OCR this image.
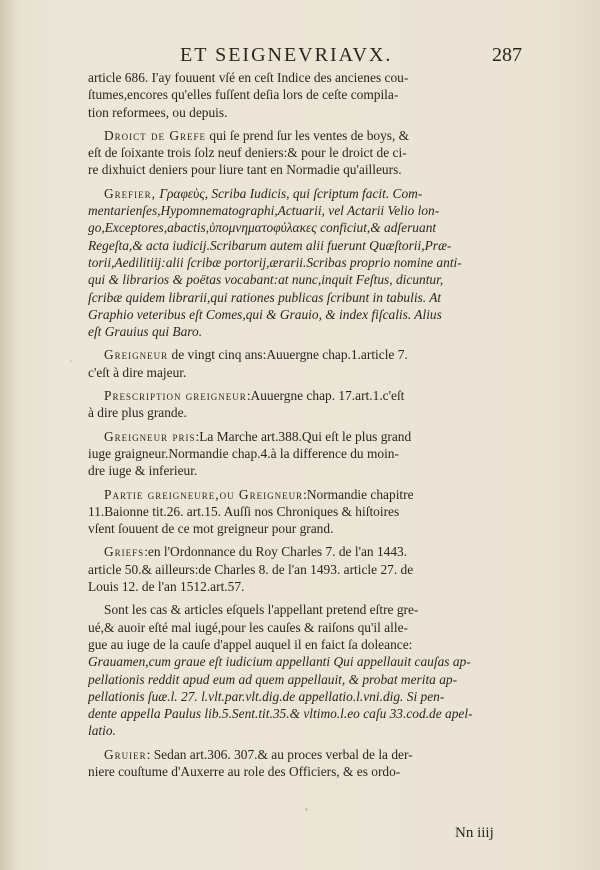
ET SEIGNEVRIAVX.	287
article 686. I'ay fouuent vſé en ceſt Indice des ancienes cou-
ſtumes,encores qu'elles fuſſent deſia lors de ceſte compila-
tion reformees, ou depuis.
Droict de Grefe qui ſe prend ſur les ventes de boys, &
eſt de ſoixante trois ſolz neuf deniers:& pour le droict de ci-
re dixhuict deniers pour liure tant en Normadie qu'ailleurs.
Grefier, Γραφεὺς, Scriba Iudicis, qui ſcriptum facit. Com-
mentarienſes,Hypomnematographi,Actuarii, vel Actarii Velio lon-
go,Exceptores,abactis,ὑπομνηματοφύλακες conficiut,& adſeruant
Regeſta,& acta iudicij.Scribarum autem alii fuerunt Quæſtorii,Præ-
torii,Aedilitiij:alii ſcribæ portorij,ærarii.Scribas proprio nomine anti-
qui & librarios & poëtas vocabant:at nunc,inquit Feſtus, dicuntur,
ſcribæ quidem librarii,qui rationes publicas ſcribunt in tabulis. At
Graphio veteribus eſt Comes,qui & Grauio, & index fiſcalis. Alius
eſt Grauius qui Baro.
Greigneur de vingt cinq ans:Auuergne chap.1.article 7.
c'eſt à dire majeur.
Prescription greigneur:Auuergne chap. 17.art.1.c'eſt
à dire plus grande.
Greigneur pris:La Marche art.388.Qui eſt le plus grand
iuge graigneur.Normandie chap.4.à la difference du moin-
dre iuge & inferieur.
Partie greigneure,ou Greigneur:Normandie chapitre
11.Baionne tit.26. art.15. Auſſi nos Chroniques & hiſtoires
vſent ſouuent de ce mot greigneur pour grand.
Griefs:en l'Ordonnance du Roy Charles 7. de l'an 1443.
article 50.& ailleurs:de Charles 8. de l'an 1493. article 27. de
Louis 12. de l'an 1512.art.57.
Sont les cas & articles eſquels l'appellant pretend eſtre gre-
ué,& auoir eſté mal iugé,pour les cauſes & raiſons qu'il alle-
gue au iuge de la cauſe d'appel auquel il en faict ſa doleance:
Grauamen,cum graue eſt iudicium appellanti Qui appellauit cauſas ap-
pellationis reddit apud eum ad quem appellauit, & probat merita ap-
pellationis ſuæ.l. 27. l.vlt.par.vlt.dig.de appellatio.l.vni.dig. Si pen-
dente appella Paulus lib.5.Sent.tit.35.& vltimo.l.eo caſu 33.cod.de apel-
latio.
Gruier: Sedan art.306. 307.& au proces verbal de la der-
niere couſtume d'Auxerre au role des Officiers, & es ordo-
Nn iiij
